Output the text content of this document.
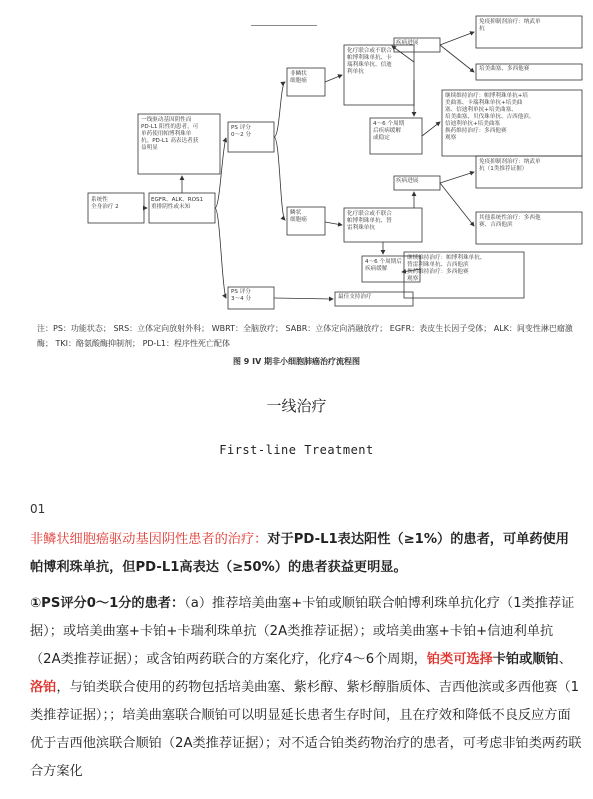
系统性
全身治疗 2
EGFR、ALK、ROS1
重排阴性或未知
一线驱动基因阴性而
PD-L1 阳性的患者，可
单药使用帕博利珠单
抗。PD-L1 高表达者获
益明显
PS 评分
0～2 分
PS 评分
3～4 分
非鳞状
细胞癌
鳞状
细胞癌
化疗联合或不联合
帕博利珠单抗、卡
瑞利珠单抗、信迪
利单抗
疾病进展
4～6 个周期
后疾病缓解
或稳定
免疫抑制剂治疗：纳武单
抗
培美曲塞、多西他赛
继续维持治疗：帕博利珠单抗+培
美曲塞、卡瑞利珠单抗+培美曲
塞、信迪利单抗+培美曲塞、
培美曲塞、贝伐珠单抗、吉西他滨、
信迪利单抗+培美曲塞
换药维持治疗：多西他赛
观察
化疗联合或不联合
帕博利珠单抗、替
雷利珠单抗
疾病进展
4～6 个周期后
疾病缓解
免疫抑制剂治疗：纳武单
抗（1类推荐证据）
其他系统性治疗：多西他
赛、吉西他滨
继续维持治疗：帕博利珠单抗、
替雷利珠单抗、吉西他滨
换药维持治疗：多西他赛
观察
最佳支持治疗
注：PS：功能状态； SRS：立体定向放射外科； WBRT：全脑放疗； SABR：立体定向消融放疗； EGFR：表皮生长因子受体； ALK：间变性淋巴瘤激酶； TKI：酪氨酸酶抑制剂； PD-L1：程序性死亡配体
图 9 IV 期非小细胞肺癌治疗流程图
一线治疗
First-line Treatment
01
非鳞状细胞癌驱动基因阴性患者的治疗：对于PD-L1表达阳性（≥1%）的患者，可单药使用帕博利珠单抗，但PD-L1高表达（≥50%）的患者获益更明显。
①PS评分0～1分的患者：（a）推荐培美曲塞+卡铂或顺铂联合帕博利珠单抗化疗（1类推荐证据）；或培美曲塞+卡铂+卡瑞利珠单抗（2A类推荐证据）；或培美曲塞+卡铂+信迪利单抗（2A类推荐证据）；或含铂两药联合的方案化疗，化疗4～6个周期，铂类可选择卡铂或顺铂、洛铂，与铂类联合使用的药物包括培美曲塞、紫杉醇、紫杉醇脂质体、吉西他滨或多西他赛（1类推荐证据）；；培美曲塞联合顺铂可以明显延长患者生存时间，且在疗效和降低不良反应方面优于吉西他滨联合顺铂（2A类推荐证据）；对不适合铂类药物治疗的患者，可考虑非铂类两药联合方案化
